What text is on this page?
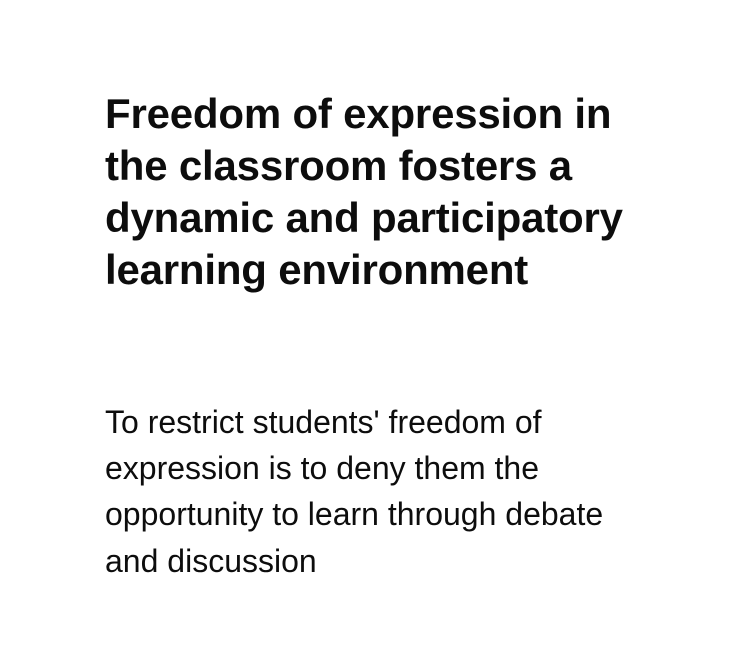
Freedom of expression in the classroom fosters a dynamic and participatory learning environment

To restrict students' freedom of expression is to deny them the opportunity to learn through debate and discussion
